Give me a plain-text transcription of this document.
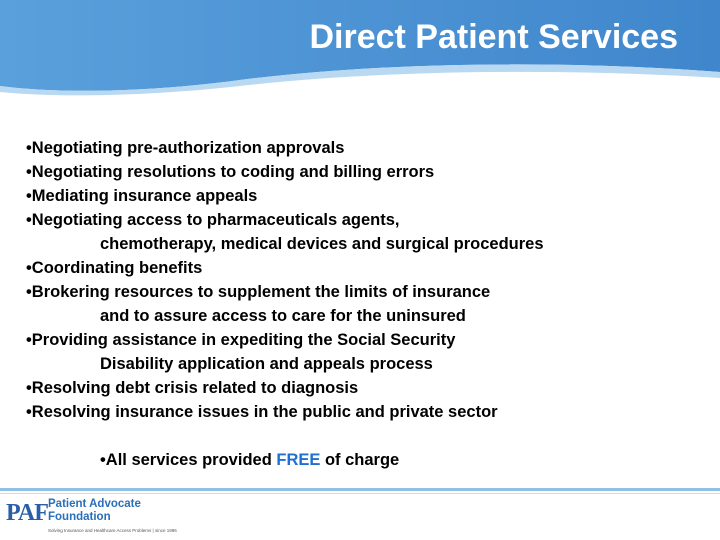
Direct Patient Services
•Negotiating pre-authorization approvals
•Negotiating resolutions to coding and billing errors
•Mediating insurance appeals
•Negotiating access to pharmaceuticals agents,
chemotherapy, medical devices and surgical procedures
•Coordinating benefits
•Brokering resources to supplement the limits of insurance
and to assure access to care for the uninsured
•Providing assistance in expediting the Social Security
Disability application and appeals process
•Resolving debt crisis related to diagnosis
•Resolving insurance issues in the public and private sector
•All services provided FREE of charge
PAF Patient Advocate
Foundation
Solving Insurance and Healthcare Access Problems | since 1996
